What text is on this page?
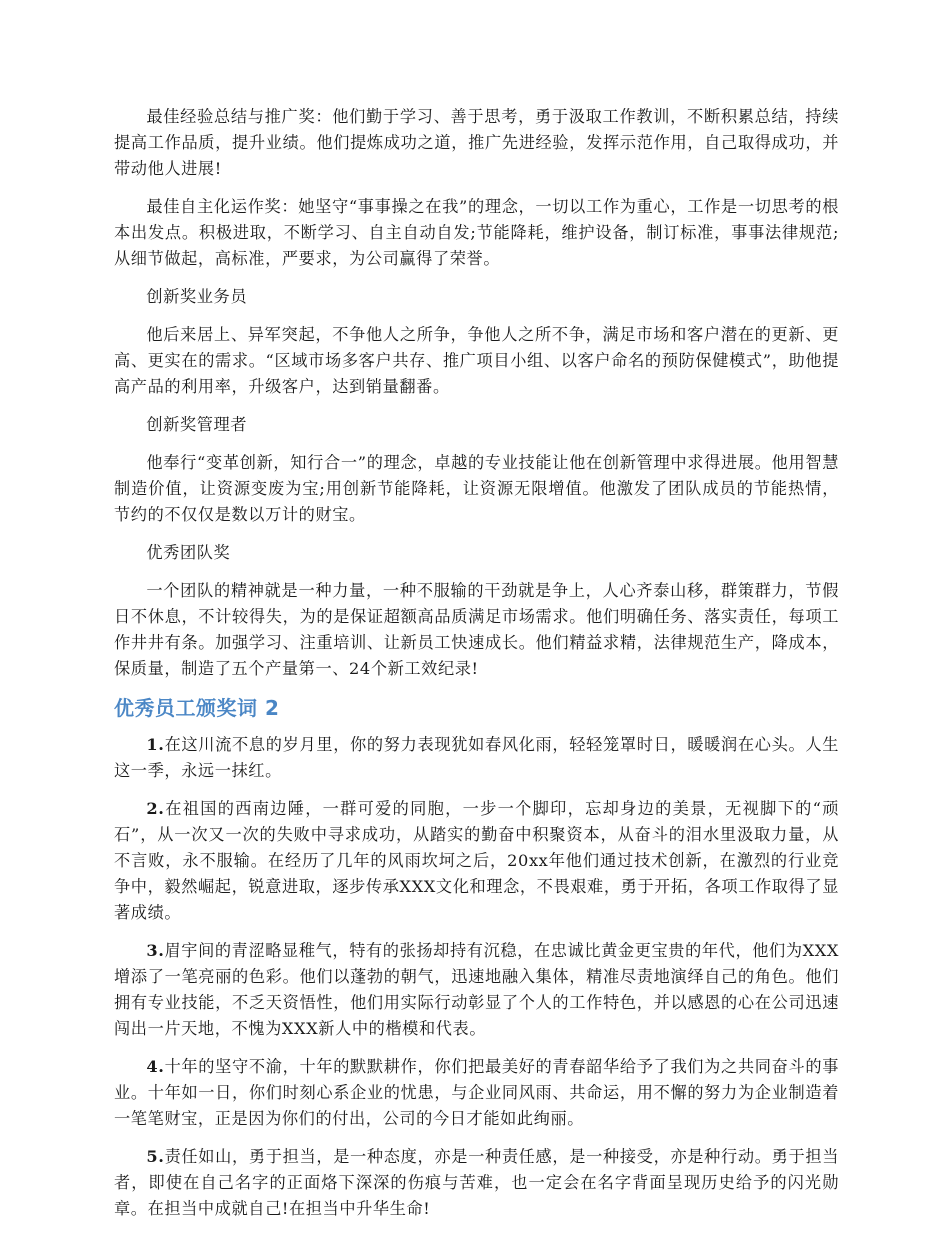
最佳经验总结与推广奖：他们勤于学习、善于思考，勇于汲取工作教训，不断积累总结，持续提高工作品质，提升业绩。他们提炼成功之道，推广先进经验，发挥示范作用，自己取得成功，并带动他人进展!

最佳自主化运作奖：她坚守“事事操之在我”的理念，一切以工作为重心，工作是一切思考的根本出发点。积极进取，不断学习、自主自动自发;节能降耗，维护设备，制订标准，事事法律规范;从细节做起，高标准，严要求，为公司赢得了荣誉。

创新奖业务员

他后来居上、异军突起，不争他人之所争，争他人之所不争，满足市场和客户潜在的更新、更高、更实在的需求。“区域市场多客户共存、推广项目小组、以客户命名的预防保健模式”，助他提高产品的利用率，升级客户，达到销量翻番。

创新奖管理者

他奉行“变革创新，知行合一”的理念，卓越的专业技能让他在创新管理中求得进展。他用智慧制造价值，让资源变废为宝;用创新节能降耗，让资源无限增值。他激发了团队成员的节能热情，节约的不仅仅是数以万计的财宝。

优秀团队奖

一个团队的精神就是一种力量，一种不服输的干劲就是争上，人心齐泰山移，群策群力，节假日不休息，不计较得失，为的是保证超额高品质满足市场需求。他们明确任务、落实责任，每项工作井井有条。加强学习、注重培训、让新员工快速成长。他们精益求精，法律规范生产，降成本，保质量，制造了五个产量第一、24个新工效纪录!

优秀员工颁奖词 2

1.在这川流不息的岁月里，你的努力表现犹如春风化雨，轻轻笼罩时日，暖暖润在心头。人生这一季，永远一抹红。

2.在祖国的西南边陲，一群可爱的同胞，一步一个脚印，忘却身边的美景，无视脚下的“顽石”，从一次又一次的失败中寻求成功，从踏实的勤奋中积聚资本，从奋斗的泪水里汲取力量，从不言败，永不服输。在经历了几年的风雨坎坷之后，20xx年他们通过技术创新，在激烈的行业竞争中，毅然崛起，锐意进取，逐步传承XXX文化和理念，不畏艰难，勇于开拓，各项工作取得了显著成绩。

3.眉宇间的青涩略显稚气，特有的张扬却持有沉稳，在忠诚比黄金更宝贵的年代，他们为XXX增添了一笔亮丽的色彩。他们以蓬勃的朝气，迅速地融入集体，精准尽责地演绎自己的角色。他们拥有专业技能，不乏天资悟性，他们用实际行动彰显了个人的工作特色，并以感恩的心在公司迅速闯出一片天地，不愧为XXX新人中的楷模和代表。

4.十年的坚守不渝，十年的默默耕作，你们把最美好的青春韶华给予了我们为之共同奋斗的事业。十年如一日，你们时刻心系企业的忧患，与企业同风雨、共命运，用不懈的努力为企业制造着一笔笔财宝，正是因为你们的付出，公司的今日才能如此绚丽。

5.责任如山，勇于担当，是一种态度，亦是一种责任感，是一种接受，亦是种行动。勇于担当者，即使在自己名字的正面烙下深深的伤痕与苦难，也一定会在名字背面呈现历史给予的闪光勋章。在担当中成就自己!在担当中升华生命!
